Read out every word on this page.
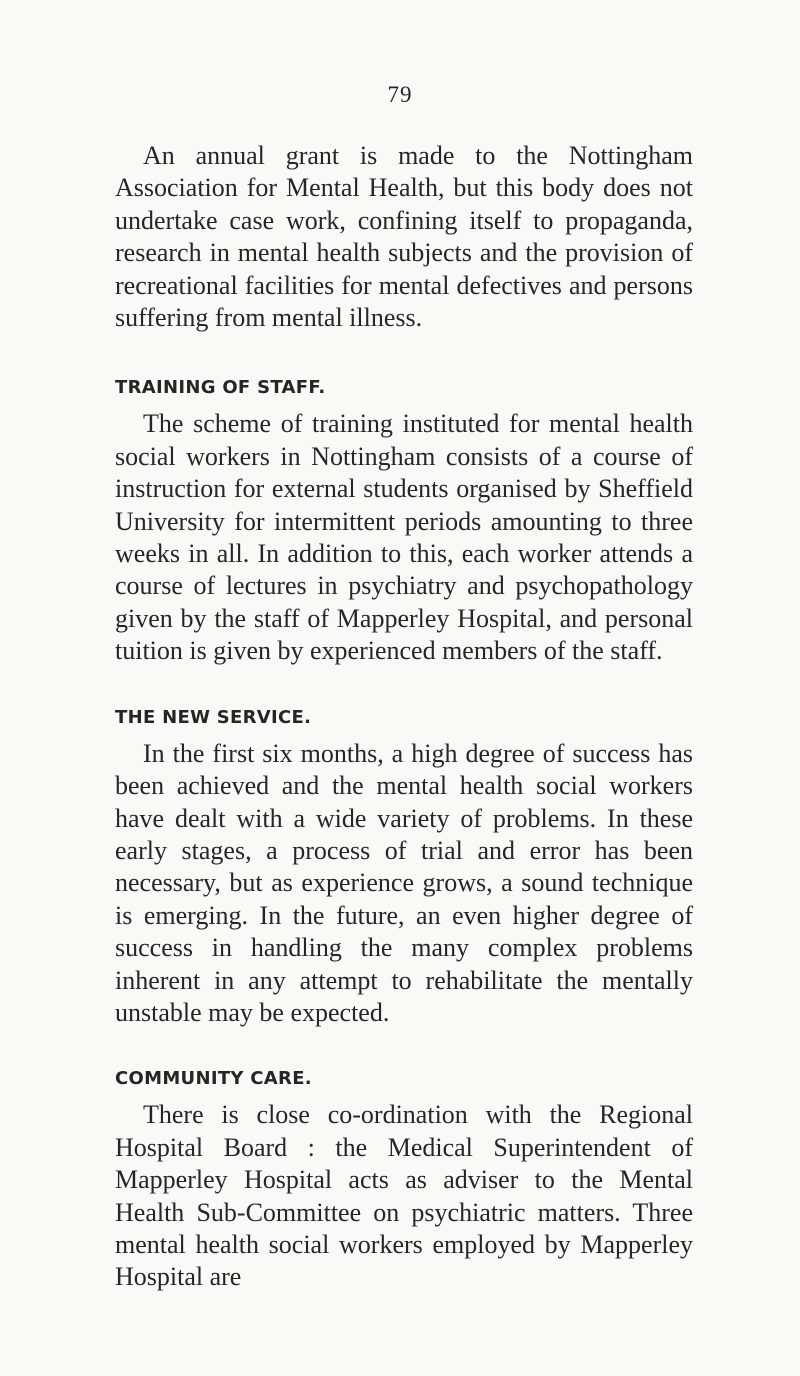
79

An annual grant is made to the Nottingham Association for Mental Health, but this body does not undertake case work, confining itself to propaganda, research in mental health subjects and the provision of recreational facilities for mental defectives and persons suffering from mental illness.

TRAINING OF STAFF.

The scheme of training instituted for mental health social workers in Nottingham consists of a course of instruction for external students organised by Sheffield University for intermittent periods amounting to three weeks in all. In addition to this, each worker attends a course of lectures in psychiatry and psychopathology given by the staff of Mapperley Hospital, and personal tuition is given by experienced members of the staff.

THE NEW SERVICE.

In the first six months, a high degree of success has been achieved and the mental health social workers have dealt with a wide variety of problems. In these early stages, a process of trial and error has been necessary, but as experience grows, a sound technique is emerging. In the future, an even higher degree of success in handling the many complex problems inherent in any attempt to rehabilitate the mentally unstable may be expected.

COMMUNITY CARE.

There is close co-ordination with the Regional Hospital Board : the Medical Superintendent of Mapperley Hospital acts as adviser to the Mental Health Sub-Committee on psychiatric matters. Three mental health social workers employed by Mapperley Hospital are
